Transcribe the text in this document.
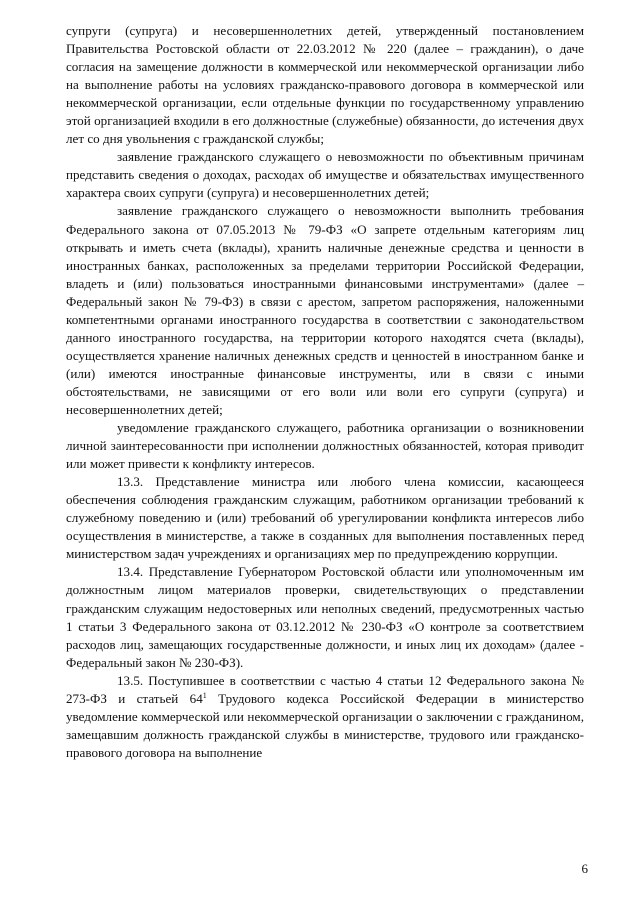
супруги (супруга) и несовершеннолетних детей, утвержденный постановлением Правительства Ростовской области от 22.03.2012 № 220 (далее – гражданин), о даче согласия на замещение должности в коммерческой или некоммерческой организации либо на выполнение работы на условиях гражданско-правового договора в коммерческой или некоммерческой организации, если отдельные функции по государственному управлению этой организацией входили в его должностные (служебные) обязанности, до истечения двух лет со дня увольнения с гражданской службы;

заявление гражданского служащего о невозможности по объективным причинам представить сведения о доходах, расходах об имуществе и обязательствах имущественного характера своих супруги (супруга) и несовершеннолетних детей;

заявление гражданского служащего о невозможности выполнить требования Федерального закона от 07.05.2013 № 79-ФЗ «О запрете отдельным категориям лиц открывать и иметь счета (вклады), хранить наличные денежные средства и ценности в иностранных банках, расположенных за пределами территории Российской Федерации, владеть и (или) пользоваться иностранными финансовыми инструментами» (далее – Федеральный закон № 79-ФЗ) в связи с арестом, запретом распоряжения, наложенными компетентными органами иностранного государства в соответствии с законодательством данного иностранного государства, на территории которого находятся счета (вклады), осуществляется хранение наличных денежных средств и ценностей в иностранном банке и (или) имеются иностранные финансовые инструменты, или в связи с иными обстоятельствами, не зависящими от его воли или воли его супруги (супруга) и несовершеннолетних детей;

уведомление гражданского служащего, работника организации о возникновении личной заинтересованности при исполнении должностных обязанностей, которая приводит или может привести к конфликту интересов.

13.3. Представление министра или любого члена комиссии, касающееся обеспечения соблюдения гражданским служащим, работником организации требований к служебному поведению и (или) требований об урегулировании конфликта интересов либо осуществления в министерстве, а также в созданных для выполнения поставленных перед министерством задач учреждениях и организациях мер по предупреждению коррупции.

13.4. Представление Губернатором Ростовской области или уполномоченным им должностным лицом материалов проверки, свидетельствующих о представлении гражданским служащим недостоверных или неполных сведений, предусмотренных частью 1 статьи 3 Федерального закона от 03.12.2012 № 230-ФЗ «О контроле за соответствием расходов лиц, замещающих государственные должности, и иных лиц их доходам» (далее - Федеральный закон № 230-ФЗ).

13.5. Поступившее в соответствии с частью 4 статьи 12 Федерального закона № 273-ФЗ и статьей $64^1$ Трудового кодекса Российской Федерации в министерство уведомление коммерческой или некоммерческой организации о заключении с гражданином, замещавшим должность гражданской службы в министерстве, трудового или гражданско-правового договора на выполнение

6
